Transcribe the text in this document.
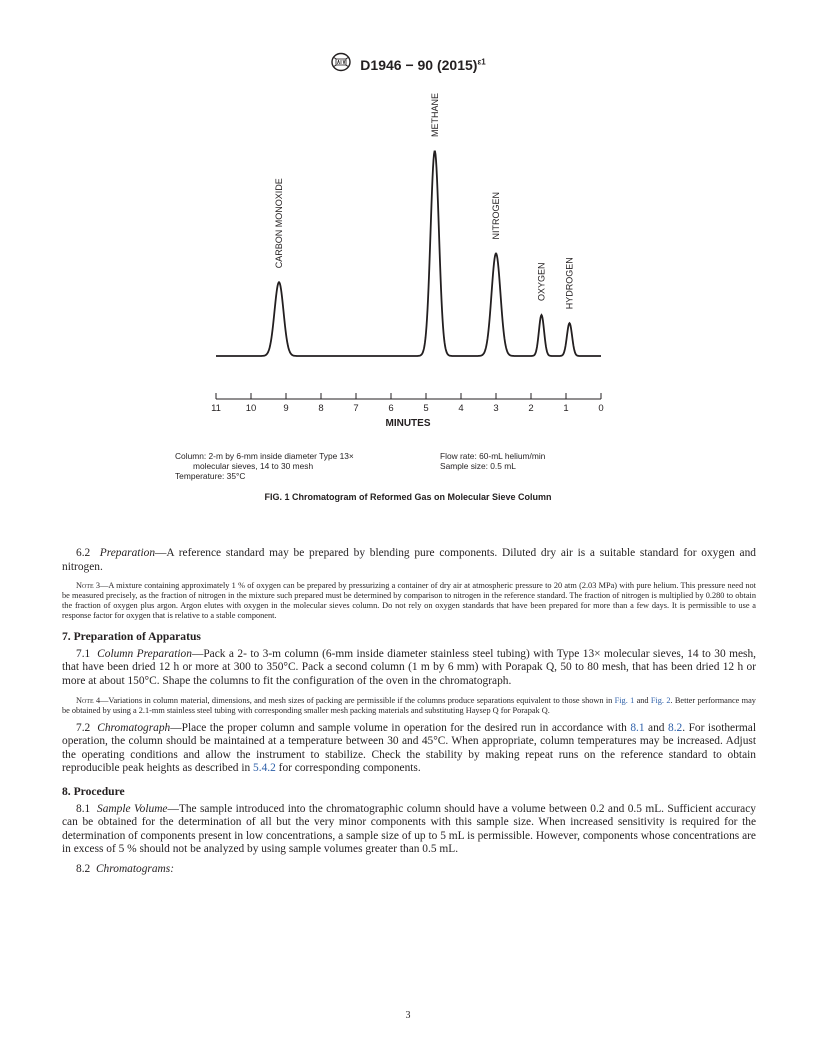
D1946 − 90 $(2015)^{\varepsilon 1}$
CARBON MONOXIDE
METHANE
NITROGEN
OXYGEN HYDROGEN
11	10	9	8	7	6	5	4	3	2	1	0
MINUTES
Column: 2-m by 6-mm inside diameter Type 13×
molecular sieves, 14 to 30 mesh
Temperature: 35°C
Flow rate: 60-mL helium/min
Sample size: 0.5 mL
FIG. 1 Chromatogram of Reformed Gas on Molecular Sieve Column

6.2 Preparation—A reference standard may be prepared by blending pure components. Diluted dry air is a suitable standard for oxygen and nitrogen.

Note 3—A mixture containing approximately 1 % of oxygen can be prepared by pressurizing a container of dry air at atmospheric pressure to 20 atm (2.03 MPa) with pure helium. This pressure need not be measured precisely, as the fraction of nitrogen in the mixture such prepared must be determined by comparison to nitrogen in the reference standard. The fraction of nitrogen is multiplied by 0.280 to obtain the fraction of oxygen plus argon. Argon elutes with oxygen in the molecular sieves column. Do not rely on oxygen standards that have been prepared for more than a few days. It is permissible to use a response factor for oxygen that is relative to a stable component.

7. Preparation of Apparatus

7.1 Column Preparation—Pack a 2- to 3-m column (6-mm inside diameter stainless steel tubing) with Type 13× molecular sieves, 14 to 30 mesh, that have been dried 12 h or more at 300 to 350°C. Pack a second column (1 m by 6 mm) with Porapak Q, 50 to 80 mesh, that has been dried 12 h or more at about 150°C. Shape the columns to fit the configuration of the oven in the chromatograph.

Note 4—Variations in column material, dimensions, and mesh sizes of packing are permissible if the columns produce separations equivalent to those shown in Fig. 1 and Fig. 2. Better performance may be obtained by using a 2.1-mm stainless steel tubing with corresponding smaller mesh packing materials and substituting Haysep Q for Porapak Q.

7.2 Chromatograph—Place the proper column and sample volume in operation for the desired run in accordance with 8.1 and 8.2. For isothermal operation, the column should be maintained at a temperature between 30 and 45°C. When appropriate, column temperatures may be increased. Adjust the operating conditions and allow the instrument to stabilize. Check the stability by making repeat runs on the reference standard to obtain reproducible peak heights as described in 5.4.2 for corresponding components.

8. Procedure

8.1 Sample Volume—The sample introduced into the chromatographic column should have a volume between 0.2 and 0.5 mL. Sufficient accuracy can be obtained for the determination of all but the very minor components with this sample size. When increased sensitivity is required for the determination of components present in low concentrations, a sample size of up to 5 mL is permissible. However, components whose concentrations are in excess of 5 % should not be analyzed by using sample volumes greater than 0.5 mL.

8.2 Chromatograms:

3
